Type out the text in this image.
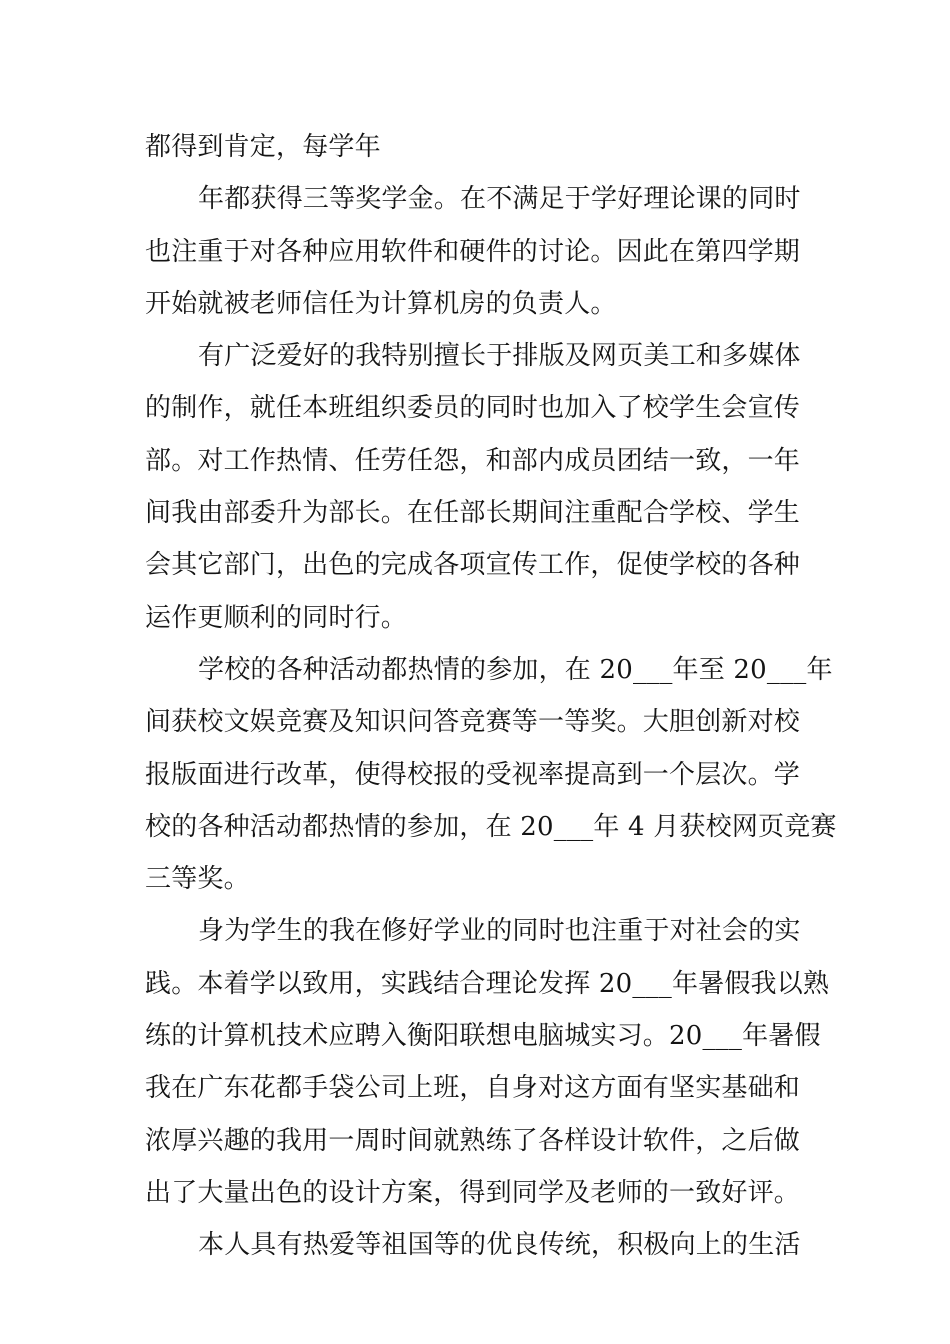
都得到肯定，每学年
年都获得三等奖学金。在不满足于学好理论课的同时
也注重于对各种应用软件和硬件的讨论。因此在第四学期
开始就被老师信任为计算机房的负责人。
有广泛爱好的我特别擅长于排版及网页美工和多媒体
的制作，就任本班组织委员的同时也加入了校学生会宣传
部。对工作热情、任劳任怨，和部内成员团结一致，一年
间我由部委升为部长。在任部长期间注重配合学校、学生
会其它部门，出色的完成各项宣传工作，促使学校的各种
运作更顺利的同时行。
学校的各种活动都热情的参加，在 20___年至 20___年
间获校文娱竞赛及知识问答竞赛等一等奖。大胆创新对校
报版面进行改革，使得校报的受视率提高到一个层次。学
校的各种活动都热情的参加，在 20___年 4 月获校网页竞赛
三等奖。
身为学生的我在修好学业的同时也注重于对社会的实
践。本着学以致用，实践结合理论发挥 20___年暑假我以熟
练的计算机技术应聘入衡阳联想电脑城实习。20___年暑假
我在广东花都手袋公司上班，自身对这方面有坚实基础和
浓厚兴趣的我用一周时间就熟练了各样设计软件，之后做
出了大量出色的设计方案，得到同学及老师的一致好评。
本人具有热爱等祖国等的优良传统，积极向上的生活
